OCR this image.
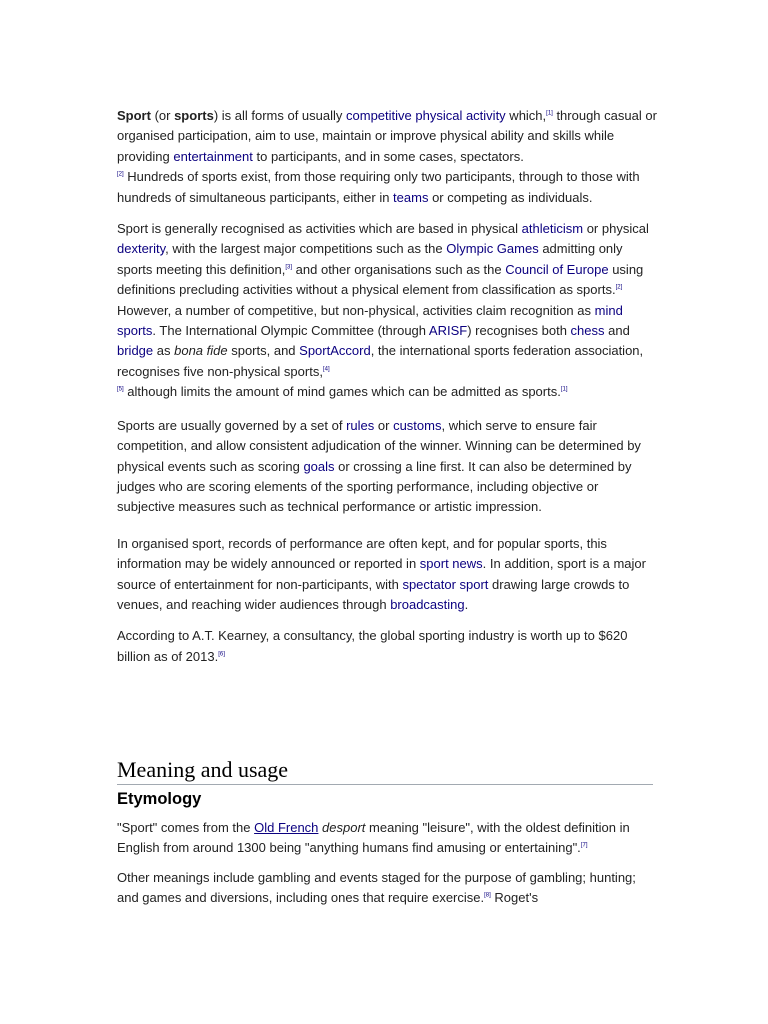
Sport (or sports) is all forms of usually competitive physical activity which,[1] through casual or organised participation, aim to use, maintain or improve physical ability and skills while providing entertainment to participants, and in some cases, spectators.
[2] Hundreds of sports exist, from those requiring only two participants, through to those with hundreds of simultaneous participants, either in teams or competing as individuals.

Sport is generally recognised as activities which are based in physical athleticism or physical dexterity, with the largest major competitions such as the Olympic Games admitting only sports meeting this definition,[3] and other organisations such as the Council of Europe using definitions precluding activities without a physical element from classification as sports.[2] However, a number of competitive, but non-physical, activities claim recognition as mind sports. The International Olympic Committee (through ARISF) recognises both chess and bridge as bona fide sports, and SportAccord, the international sports federation association, recognises five non-physical sports,[4]
[5] although limits the amount of mind games which can be admitted as sports.[1]

Sports are usually governed by a set of rules or customs, which serve to ensure fair competition, and allow consistent adjudication of the winner. Winning can be determined by physical events such as scoring goals or crossing a line first. It can also be determined by judges who are scoring elements of the sporting performance, including objective or subjective measures such as technical performance or artistic impression.

In organised sport, records of performance are often kept, and for popular sports, this information may be widely announced or reported in sport news. In addition, sport is a major source of entertainment for non-participants, with spectator sport drawing large crowds to venues, and reaching wider audiences through broadcasting.

According to A.T. Kearney, a consultancy, the global sporting industry is worth up to $620 billion as of 2013.[6]

Meaning and usage
Etymology

"Sport" comes from the Old French desport meaning "leisure", with the oldest definition in English from around 1300 being "anything humans find amusing or entertaining".[7]

Other meanings include gambling and events staged for the purpose of gambling; hunting; and games and diversions, including ones that require exercise.[8] Roget's
